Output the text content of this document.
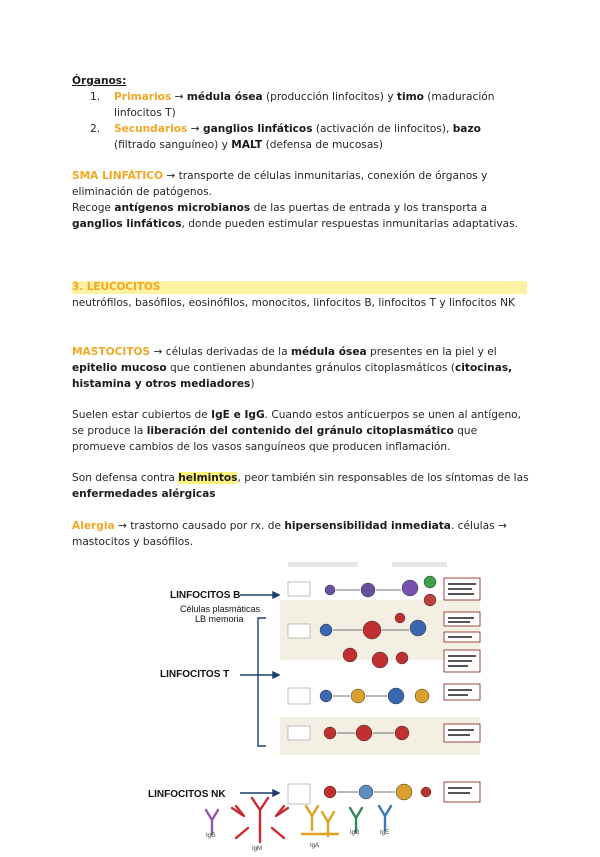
Órganos:
1. Primarios → médula ósea (producción linfocitos) y timo (maduración linfocitos T)
2. Secundarios → ganglios linfáticos (activación de linfocitos), bazo (filtrado sanguíneo) y MALT (defensa de mucosas)
SMA LINFÁTICO → transporte de células inmunitarias, conexión de órganos y eliminación de patógenos.
Recoge antígenos microbianos de las puertas de entrada y los transporta a ganglios linfáticos, donde pueden estimular respuestas inmunitarias adaptativas.
3. LEUCOCITOS
neutrófilos, basófilos, eosinófilos, monocitos, linfocitos B, linfocitos T y linfocitos NK
MASTOCITOS → células derivadas de la médula ósea presentes en la piel y el epitelio mucoso que contienen abundantes gránulos citoplasmáticos (citocinas, histamina y otros mediadores)
Suelen estar cubiertos de IgE e IgG. Cuando estos anticuerpos se unen al antígeno, se produce la liberación del contenido del gránulo citoplasmático que promueve cambios de los vasos sanguíneos que producen inflamación.
Son defensa contra helmintos, peor también sin responsables de los síntomas de las enfermedades alérgicas
Alergia → trastorno causado por rx. de hipersensibilidad inmediata. células → mastocitos y basófilos.
LINFOCITOS B
Células plasmáticas
LB memoria
LINFOCITOS T
LINFOCITOS NK
IgG
IgM	IgA
IgD	IgE
